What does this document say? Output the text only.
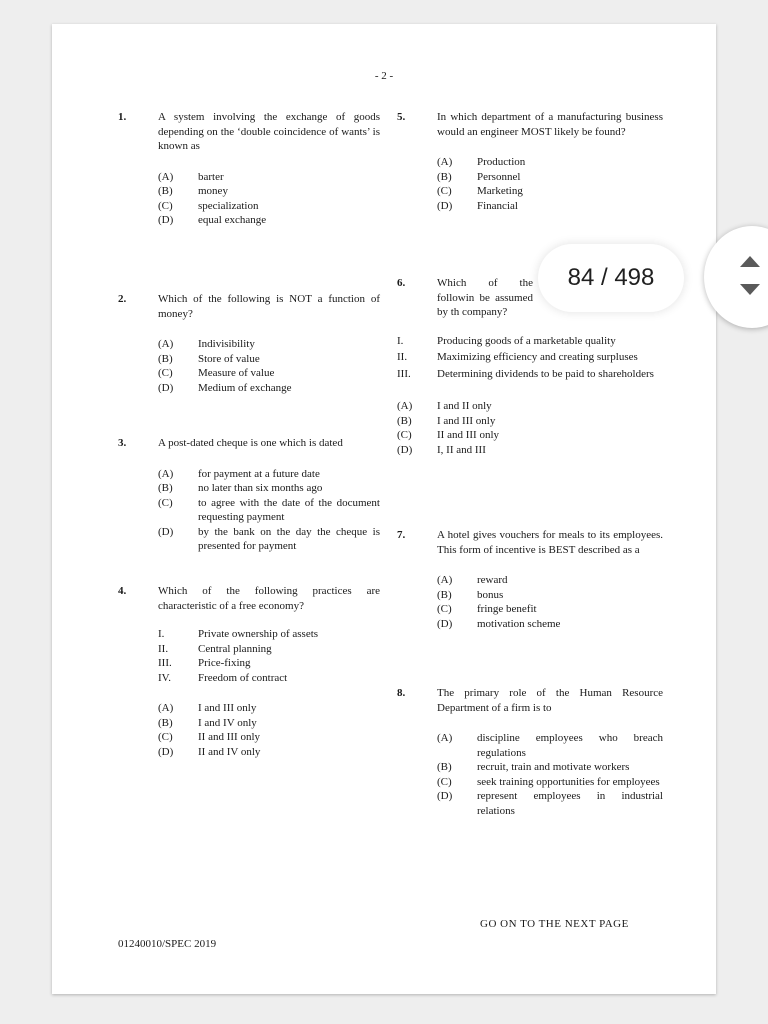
- 2 -
1.	A system involving the exchange of goods depending on the ‘double coincidence of wants’ is known as
(A)	barter
(B)	money
(C)	specialization
(D)	equal exchange
2.	Which of the following is NOT a function of money?
(A)	Indivisibility
(B)	Store of value
(C)	Measure of value
(D)	Medium of exchange
3.	A post-dated cheque is one which is dated
(A)	for payment at a future date
(B)	no later than six months ago
(C)	to agree with the date of the document requesting payment
(D)	by the bank on the day the cheque is presented for payment
4.	Which of the following practices are characteristic of a free economy?
I.	Private ownership of assets
II.	Central planning
III.	Price-fixing
IV.	Freedom of contract
(A)	I and III only
(B)	I and IV only
(C)	II and III only
(D)	II and IV only
5.	In which department of a manufacturing business would an engineer MOST likely be found?
(A)	Production
(B)	Personnel
(C)	Marketing
(D)	Financial
6.	Which of the followin be assumed by th company?
I.	Producing goods of a marketable quality
II.	Maximizing efficiency and creating surpluses
III.	Determining dividends to be paid to shareholders
(A)	I and II only
(B)	I and III only
(C)	II and III only
(D)	I, II and III
7.	A hotel gives vouchers for meals to its employees. This form of incentive is BEST described as a
(A)	reward
(B)	bonus
(C)	fringe benefit
(D)	motivation scheme
8.	The primary role of the Human Resource Department of a firm is to
(A)	discipline employees who breach regulations
(B)	recruit, train and motivate workers
(C)	seek training opportunities for employees
(D)	represent employees in industrial relations
GO ON TO THE NEXT PAGE
01240010/SPEC 2019
84 / 498
